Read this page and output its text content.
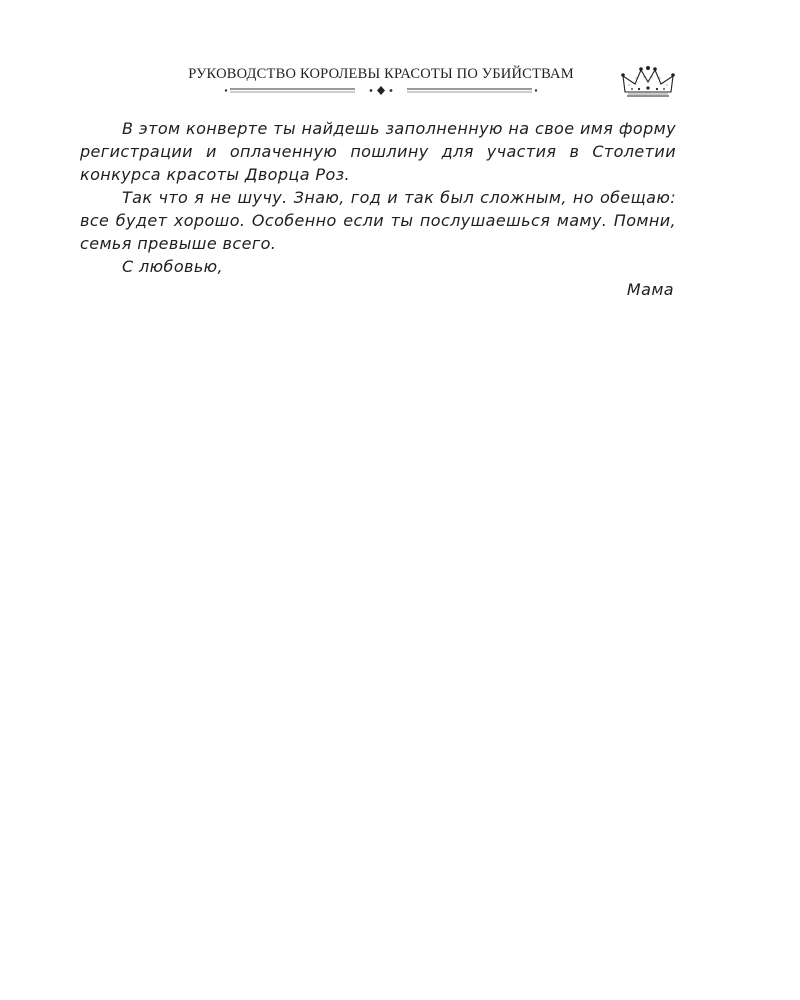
РУКОВОДСТВО КОРОЛЕВЫ КРАСОТЫ ПО УБИЙСТВАМ

В этом конверте ты найдешь заполненную на свое имя форму регистрации и оплаченную пошлину для участия в Столетии конкурса красоты Дворца Роз.

Так что я не шучу. Знаю, год и так был сложным, но обещаю: все будет хорошо. Особенно если ты послушаешься маму. Помни, семья превыше всего.

С любовью,

Мама
